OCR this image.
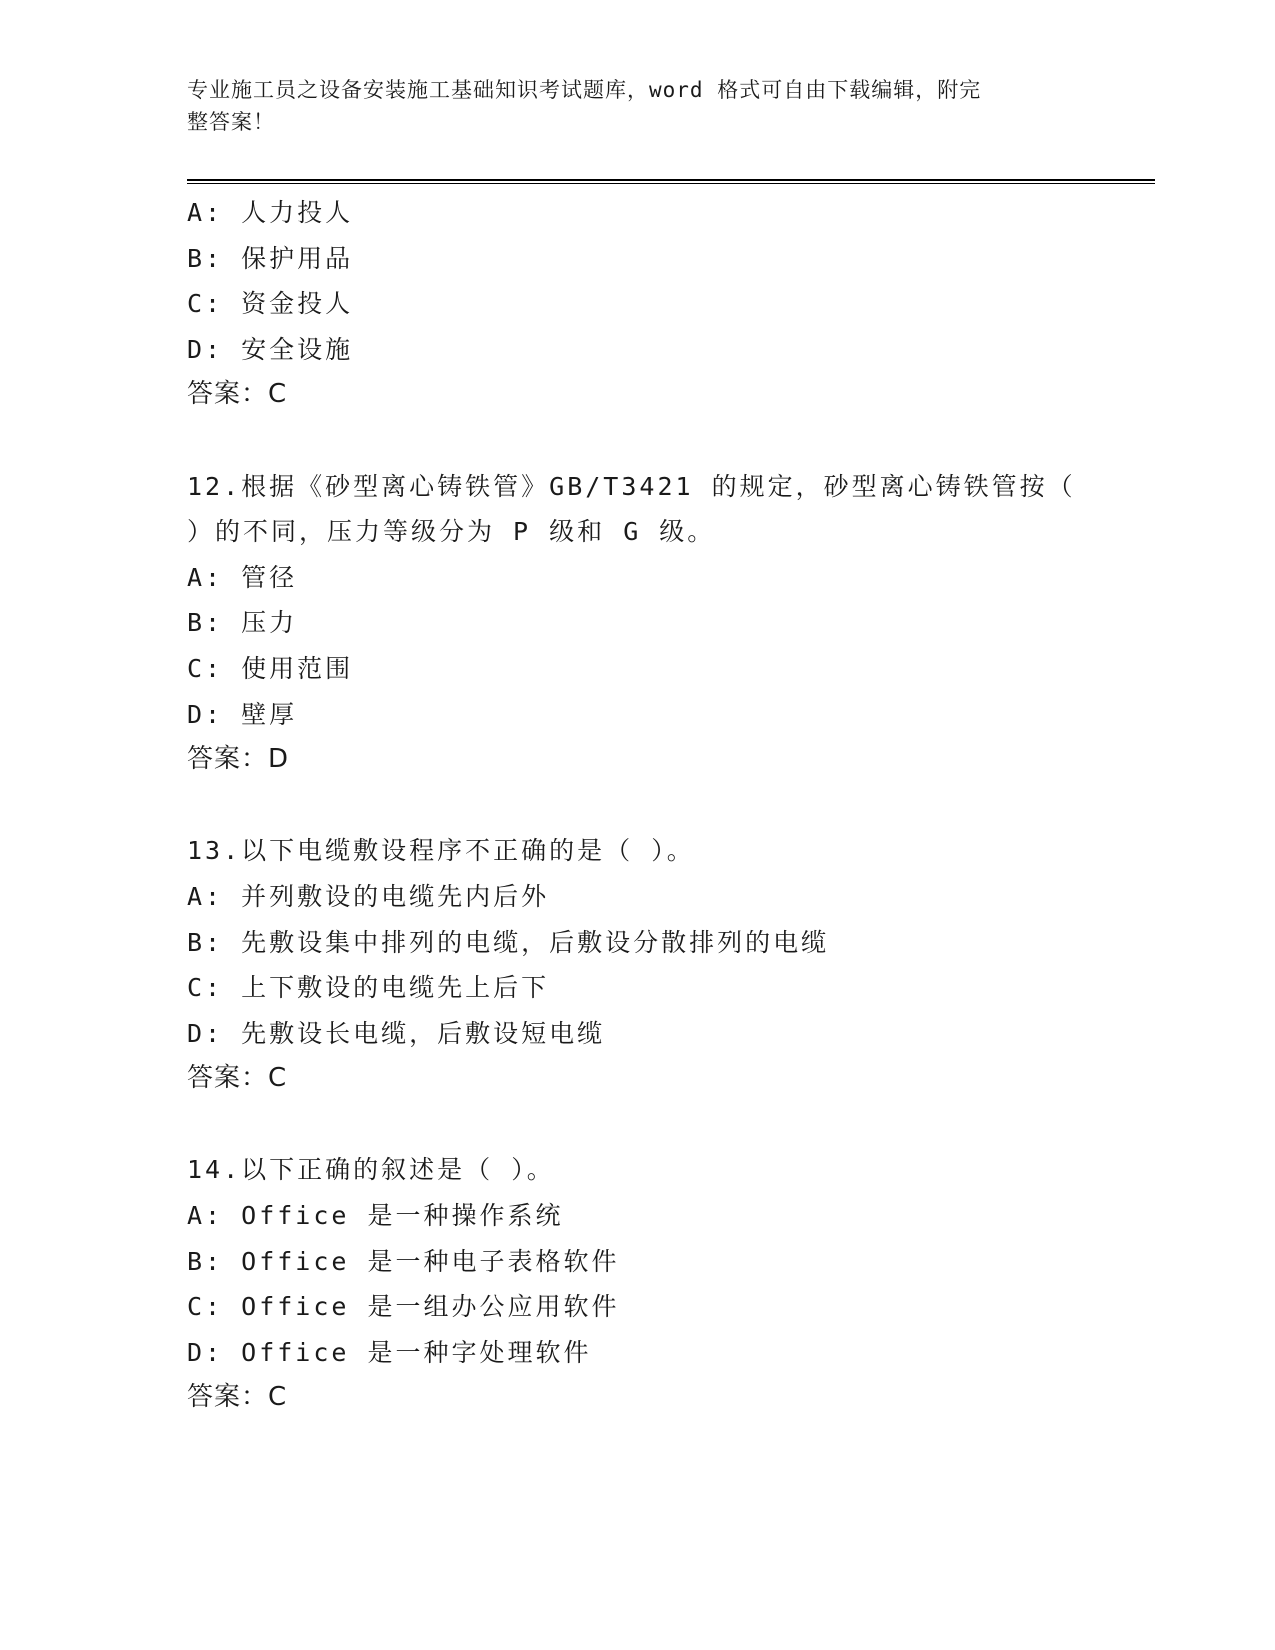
专业施工员之设备安装施工基础知识考试题库，word 格式可自由下载编辑，附完
整答案！
A: 人力投人
B: 保护用品
C: 资金投人
D: 安全设施
答案：C
12.根据《砂型离心铸铁管》GB/T3421 的规定，砂型离心铸铁管按（
）的不同，压力等级分为 P 级和 G 级。
A: 管径
B: 压力
C: 使用范围
D: 壁厚
答案：D
13.以下电缆敷设程序不正确的是（ ）。
A: 并列敷设的电缆先内后外
B: 先敷设集中排列的电缆，后敷设分散排列的电缆
C: 上下敷设的电缆先上后下
D: 先敷设长电缆，后敷设短电缆
答案：C
14.以下正确的叙述是（ ）。
A: Office 是一种操作系统
B: Office 是一种电子表格软件
C: Office 是一组办公应用软件
D: Office 是一种字处理软件
答案：C
